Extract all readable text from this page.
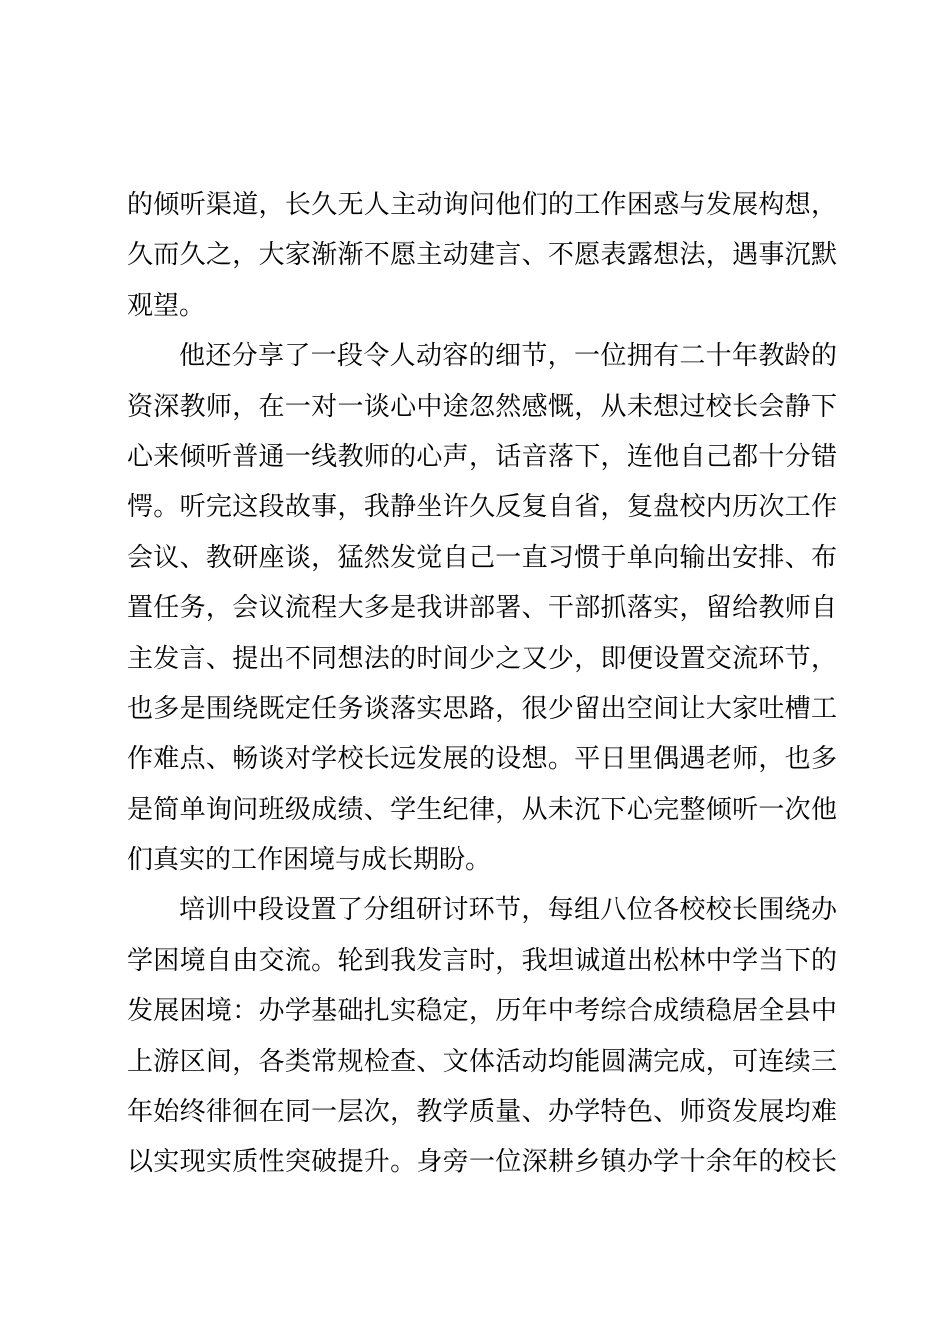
的倾听渠道，长久无人主动询问他们的工作困惑与发展构想，
久而久之，大家渐渐不愿主动建言、不愿表露想法，遇事沉默
观望。
他还分享了一段令人动容的细节，一位拥有二十年教龄的
资深教师，在一对一谈心中途忽然感慨，从未想过校长会静下
心来倾听普通一线教师的心声，话音落下，连他自己都十分错
愕。听完这段故事，我静坐许久反复自省，复盘校内历次工作
会议、教研座谈，猛然发觉自己一直习惯于单向输出安排、布
置任务，会议流程大多是我讲部署、干部抓落实，留给教师自
主发言、提出不同想法的时间少之又少，即便设置交流环节，
也多是围绕既定任务谈落实思路，很少留出空间让大家吐槽工
作难点、畅谈对学校长远发展的设想。平日里偶遇老师，也多
是简单询问班级成绩、学生纪律，从未沉下心完整倾听一次他
们真实的工作困境与成长期盼。
培训中段设置了分组研讨环节，每组八位各校校长围绕办
学困境自由交流。轮到我发言时，我坦诚道出松林中学当下的
发展困境：办学基础扎实稳定，历年中考综合成绩稳居全县中
上游区间，各类常规检查、文体活动均能圆满完成，可连续三
年始终徘徊在同一层次，教学质量、办学特色、师资发展均难
以实现实质性突破提升。身旁一位深耕乡镇办学十余年的校长
